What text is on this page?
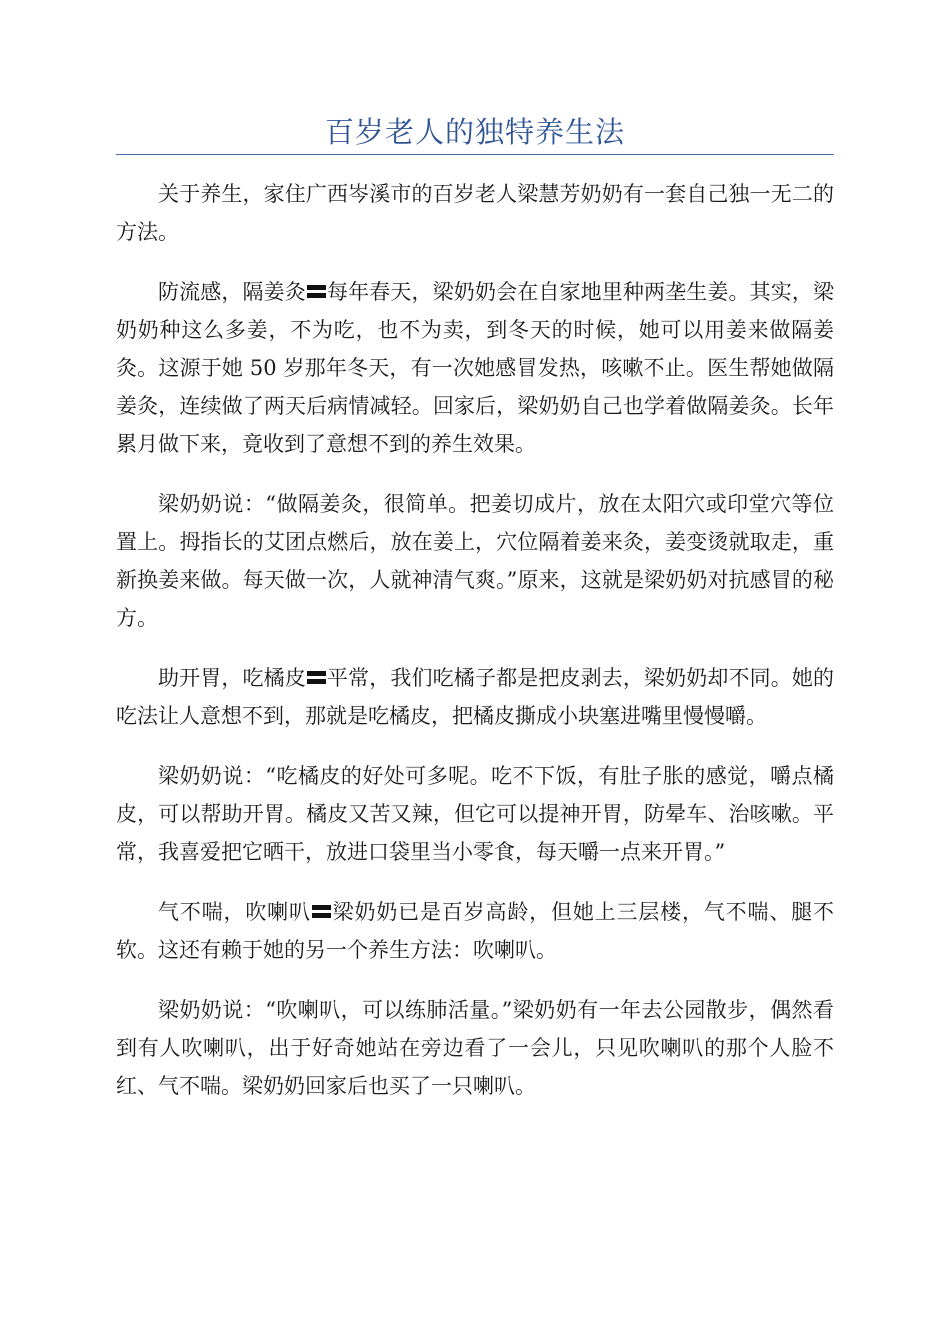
百岁老人的独特养生法

关于养生，家住广西岑溪市的百岁老人梁慧芳奶奶有一套自己独一无二的方法。

防流感，隔姜灸 每年春天，梁奶奶会在自家地里种两垄生姜。其实，梁奶奶种这么多姜，不为吃，也不为卖，到冬天的时候，她可以用姜来做隔姜灸。这源于她 50 岁那年冬天，有一次她感冒发热，咳嗽不止。医生帮她做隔姜灸，连续做了两天后病情减轻。回家后，梁奶奶自己也学着做隔姜灸。长年累月做下来，竟收到了意想不到的养生效果。

梁奶奶说：“做隔姜灸，很简单。把姜切成片，放在太阳穴或印堂穴等位置上。拇指长的艾团点燃后，放在姜上，穴位隔着姜来灸，姜变烫就取走，重新换姜来做。每天做一次，人就神清气爽。”原来，这就是梁奶奶对抗感冒的秘方。

助开胃，吃橘皮 平常，我们吃橘子都是把皮剥去，梁奶奶却不同。她的吃法让人意想不到，那就是吃橘皮，把橘皮撕成小块塞进嘴里慢慢嚼。

梁奶奶说：“吃橘皮的好处可多呢。吃不下饭，有肚子胀的感觉，嚼点橘皮，可以帮助开胃。橘皮又苦又辣，但它可以提神开胃，防晕车、治咳嗽。平常，我喜爱把它晒干，放进口袋里当小零食，每天嚼一点来开胃。”

气不喘，吹喇叭 梁奶奶已是百岁高龄，但她上三层楼，气不喘、腿不软。这还有赖于她的另一个养生方法：吹喇叭。

梁奶奶说：“吹喇叭，可以练肺活量。”梁奶奶有一年去公园散步，偶然看到有人吹喇叭，出于好奇她站在旁边看了一会儿，只见吹喇叭的那个人脸不红、气不喘。梁奶奶回家后也买了一只喇叭。
